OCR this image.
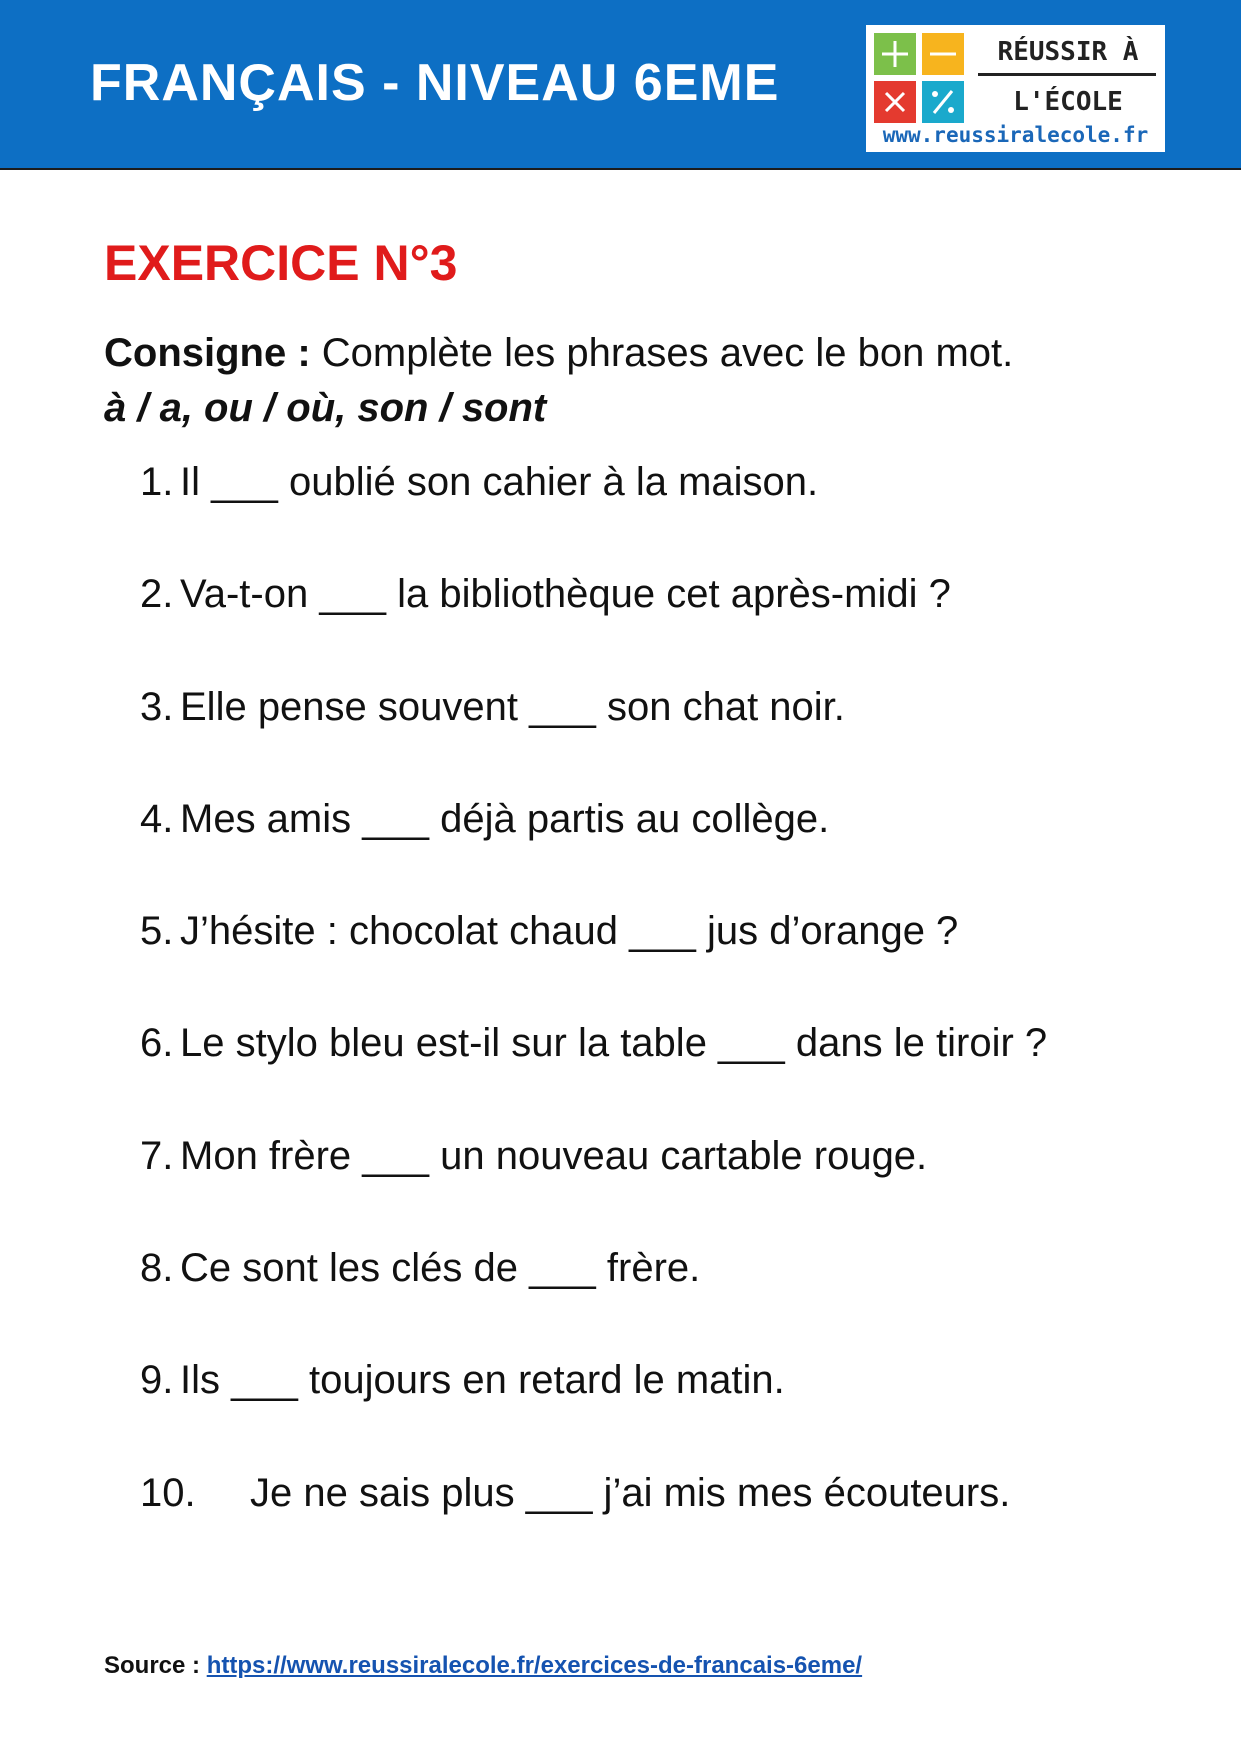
FRANÇAIS - NIVEAU 6EME
RÉUSSIR À
L'ÉCOLE
www.reussiralecole.fr
EXERCICE N°3
Consigne : Complète les phrases avec le bon mot.
à / a, ou / où, son / sont
1. Il ___ oublié son cahier à la maison.
2. Va-t-on ___ la bibliothèque cet après-midi ?
3. Elle pense souvent ___ son chat noir.
4. Mes amis ___ déjà partis au collège.
5. J’hésite : chocolat chaud ___ jus d’orange ?
6. Le stylo bleu est-il sur la table ___ dans le tiroir ?
7. Mon frère ___ un nouveau cartable rouge.
8. Ce sont les clés de ___ frère.
9. Ils ___ toujours en retard le matin.
10. Je ne sais plus ___ j’ai mis mes écouteurs.
Source : https://www.reussiralecole.fr/exercices-de-francais-6eme/
